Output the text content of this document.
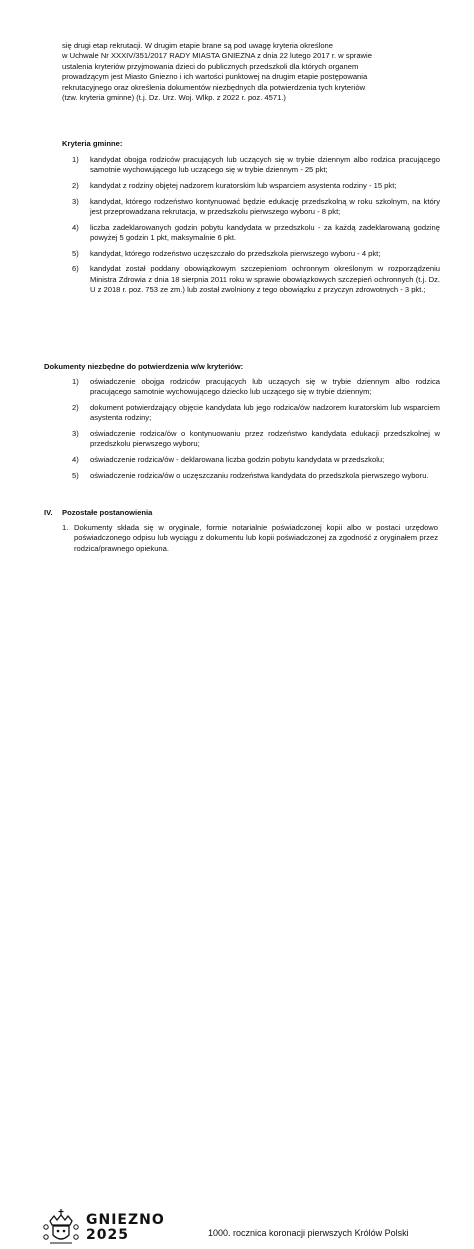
się drugi etap rekrutacji. W drugim etapie brane są pod uwagę kryteria określone

w Uchwale Nr XXXIV/351/2017 RADY MIASTA GNIEZNA z dnia 22 lutego 2017 r. w sprawie

ustalenia kryteriów przyjmowania dzieci do publicznych przedszkoli dla których organem

prowadzącym jest Miasto Gniezno i ich wartości punktowej na drugim etapie postępowania

rekrutacyjnego oraz określenia dokumentów niezbędnych dla potwierdzenia tych kryteriów

(tzw. kryteria gminne) (t.j. Dz. Urz. Woj. Wlkp. z 2022 r. poz. 4571.)

Kryteria gminne:
1) kandydat obojga rodziców pracujących lub uczących się w trybie dziennym albo rodzica pracującego samotnie wychowującego lub uczącego się w trybie dziennym - 25 pkt;
2) kandydat z rodziny objętej nadzorem kuratorskim lub wsparciem asystenta rodziny - 15 pkt;
3) kandydat, którego rodzeństwo kontynuować będzie edukację przedszkolną w roku szkolnym, na który jest przeprowadzana rekrutacja, w przedszkolu pierwszego wyboru - 8 pkt;
4) liczba zadeklarowanych godzin pobytu kandydata w przedszkolu - za każdą zadeklarowaną godzinę powyżej 5 godzin 1 pkt, maksymalnie 6 pkt.
5) kandydat, którego rodzeństwo uczęszczało do przedszkola pierwszego wyboru - 4 pkt;
6) kandydat został poddany obowiązkowym szczepieniom ochronnym określonym w rozporządzeniu Ministra Zdrowia z dnia 18 sierpnia 2011 roku w sprawie obowiązkowych szczepień ochronnych (t.j. Dz. U z 2018 r. poz. 753 ze zm.) lub został zwolniony z tego obowiązku z przyczyn zdrowotnych - 3 pkt.;
Dokumenty niezbędne do potwierdzenia w/w kryteriów:
1) oświadczenie obojga rodziców pracujących lub uczących się w trybie dziennym albo rodzica pracującego samotnie wychowującego dziecko lub uczącego się w trybie dziennym;
2) dokument potwierdzający objęcie kandydata lub jego rodzica/ów nadzorem kuratorskim lub wsparciem asystenta rodziny;
3) oświadczenie rodzica/ów o kontynuowaniu przez rodzeństwo kandydata edukacji przedszkolnej w przedszkolu pierwszego wyboru;
4) oświadczenie rodzica/ów - deklarowana liczba godzin pobytu kandydata w przedszkolu;
5) oświadczenie rodzica/ów o uczęszczaniu rodzeństwa kandydata do przedszkola pierwszego wyboru.
IV. Pozostałe postanowienia
1. Dokumenty składa się w oryginale, formie notarialnie poświadczonej kopii albo w postaci urzędowo poświadczonego odpisu lub wyciągu z dokumentu lub kopii poświadczonej za zgodność z oryginałem przez rodzica/prawnego opiekuna.
GNIEZNO
2025	1000. rocznica koronacji pierwszych Królów Polski
